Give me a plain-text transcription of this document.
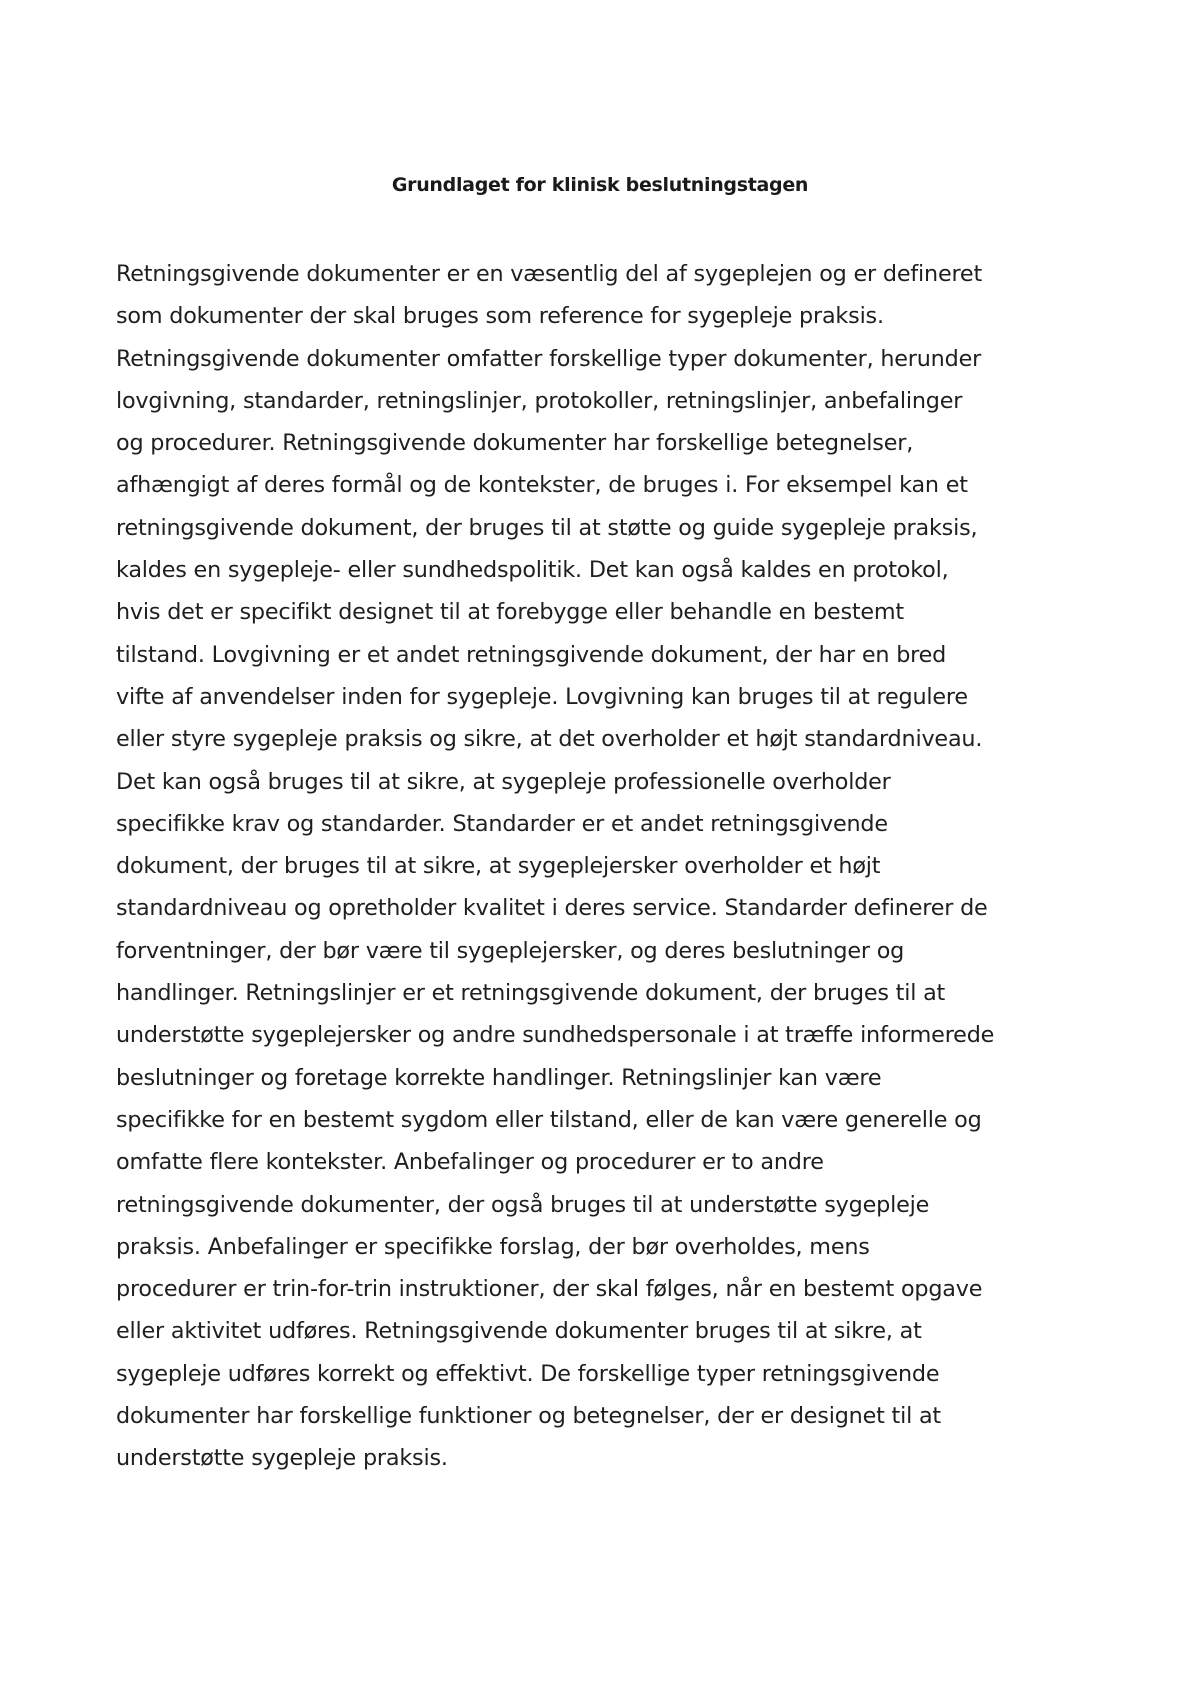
Grundlaget for klinisk beslutningstagen

Retningsgivende dokumenter er en væsentlig del af sygeplejen og er defineret
som dokumenter der skal bruges som reference for sygepleje praksis.
Retningsgivende dokumenter omfatter forskellige typer dokumenter, herunder
lovgivning, standarder, retningslinjer, protokoller, retningslinjer, anbefalinger
og procedurer. Retningsgivende dokumenter har forskellige betegnelser,
afhængigt af deres formål og de kontekster, de bruges i. For eksempel kan et
retningsgivende dokument, der bruges til at støtte og guide sygepleje praksis,
kaldes en sygepleje- eller sundhedspolitik. Det kan også kaldes en protokol,
hvis det er specifikt designet til at forebygge eller behandle en bestemt
tilstand. Lovgivning er et andet retningsgivende dokument, der har en bred
vifte af anvendelser inden for sygepleje. Lovgivning kan bruges til at regulere
eller styre sygepleje praksis og sikre, at det overholder et højt standardniveau.
Det kan også bruges til at sikre, at sygepleje professionelle overholder
specifikke krav og standarder. Standarder er et andet retningsgivende
dokument, der bruges til at sikre, at sygeplejersker overholder et højt
standardniveau og opretholder kvalitet i deres service. Standarder definerer de
forventninger, der bør være til sygeplejersker, og deres beslutninger og
handlinger. Retningslinjer er et retningsgivende dokument, der bruges til at
understøtte sygeplejersker og andre sundhedspersonale i at træffe informerede
beslutninger og foretage korrekte handlinger. Retningslinjer kan være
specifikke for en bestemt sygdom eller tilstand, eller de kan være generelle og
omfatte flere kontekster. Anbefalinger og procedurer er to andre
retningsgivende dokumenter, der også bruges til at understøtte sygepleje
praksis. Anbefalinger er specifikke forslag, der bør overholdes, mens
procedurer er trin-for-trin instruktioner, der skal følges, når en bestemt opgave
eller aktivitet udføres. Retningsgivende dokumenter bruges til at sikre, at
sygepleje udføres korrekt og effektivt. De forskellige typer retningsgivende
dokumenter har forskellige funktioner og betegnelser, der er designet til at
understøtte sygepleje praksis.
